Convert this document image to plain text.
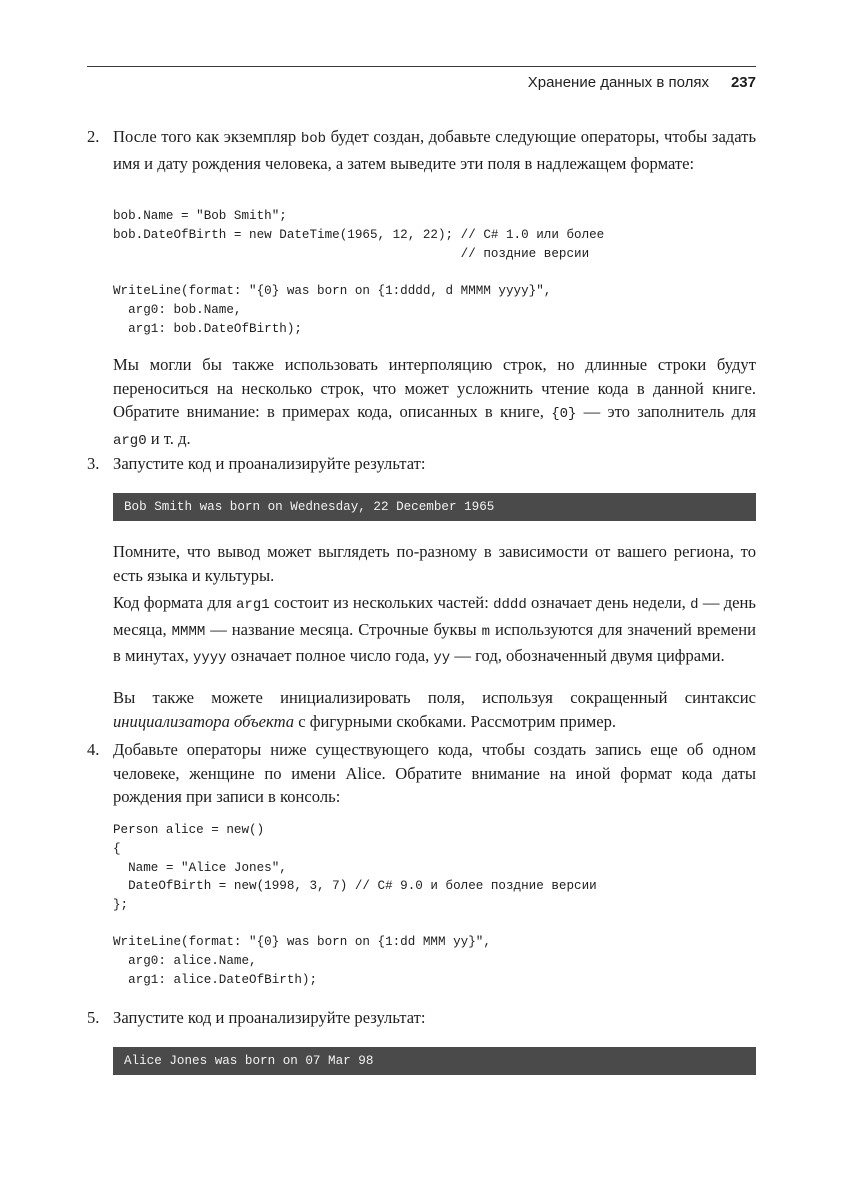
Хранение данных в полях 237
2. После того как экземпляр bob будет создан, добавьте следующие операторы, чтобы задать имя и дату рождения человека, а затем выведите эти поля в надлежащем формате:
bob.Name = "Bob Smith";
bob.DateOfBirth = new DateTime(1965, 12, 22); // C# 1.0 или более
// поздние версии
WriteLine(format: "{0} was born on {1:dddd, d MMMM yyyy}",
arg0: bob.Name,
arg1: bob.DateOfBirth);
Мы могли бы также использовать интерполяцию строк, но длинные строки будут переноситься на несколько строк, что может усложнить чтение кода в данной книге. Обратите внимание: в примерах кода, описанных в книге, {0} — это заполнитель для arg0 и т. д.
3. Запустите код и проанализируйте результат:
Bob Smith was born on Wednesday, 22 December 1965
Помните, что вывод может выглядеть по-разному в зависимости от вашего региона, то есть языка и культуры.
Код формата для arg1 состоит из нескольких частей: dddd означает день недели, d — день месяца, MMMM — название месяца. Строчные буквы m используются для значений времени в минутах, yyyy означает полное число года, yy — год, обозначенный двумя цифрами.
Вы также можете инициализировать поля, используя сокращенный синтаксис инициализатора объекта с фигурными скобками. Рассмотрим пример.
4. Добавьте операторы ниже существующего кода, чтобы создать запись еще об одном человеке, женщине по имени Alice. Обратите внимание на иной формат кода даты рождения при записи в консоль:
Person alice = new()
{
Name = "Alice Jones",
DateOfBirth = new(1998, 3, 7) // C# 9.0 и более поздние версии
};
WriteLine(format: "{0} was born on {1:dd MMM yy}",
arg0: alice.Name,
arg1: alice.DateOfBirth);
5. Запустите код и проанализируйте результат:
Alice Jones was born on 07 Mar 98
